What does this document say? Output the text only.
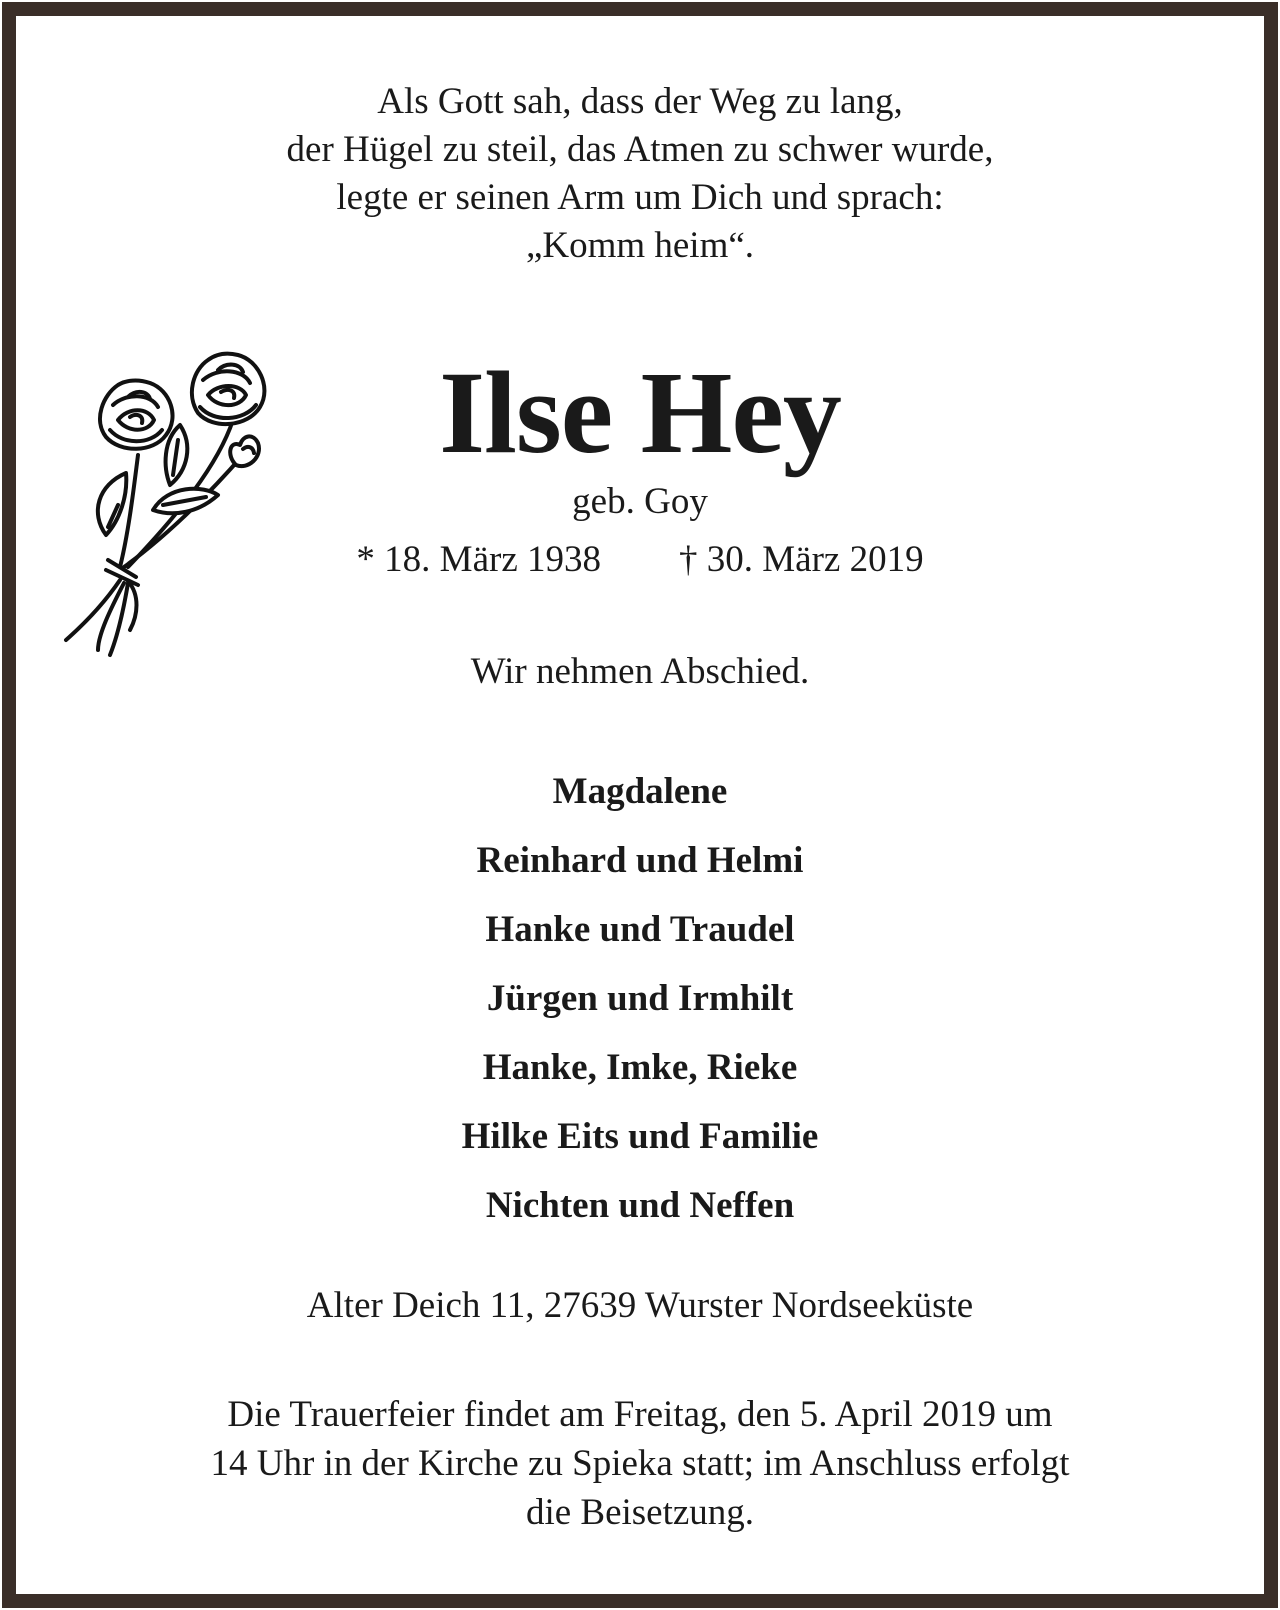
Als Gott sah, dass der Weg zu lang,
der Hügel zu steil, das Atmen zu schwer wurde,
legte er seinen Arm um Dich und sprach:
„Komm heim“.
Ilse Hey
geb. Goy
* 18. März 1938 † 30. März 2019
Wir nehmen Abschied.
Magdalene
Reinhard und Helmi
Hanke und Traudel
Jürgen und Irmhilt
Hanke, Imke, Rieke
Hilke Eits und Familie
Nichten und Neffen
Alter Deich 11, 27639 Wurster Nordseeküste
Die Trauerfeier findet am Freitag, den 5. April 2019 um
14 Uhr in der Kirche zu Spieka statt; im Anschluss erfolgt
die Beisetzung.
